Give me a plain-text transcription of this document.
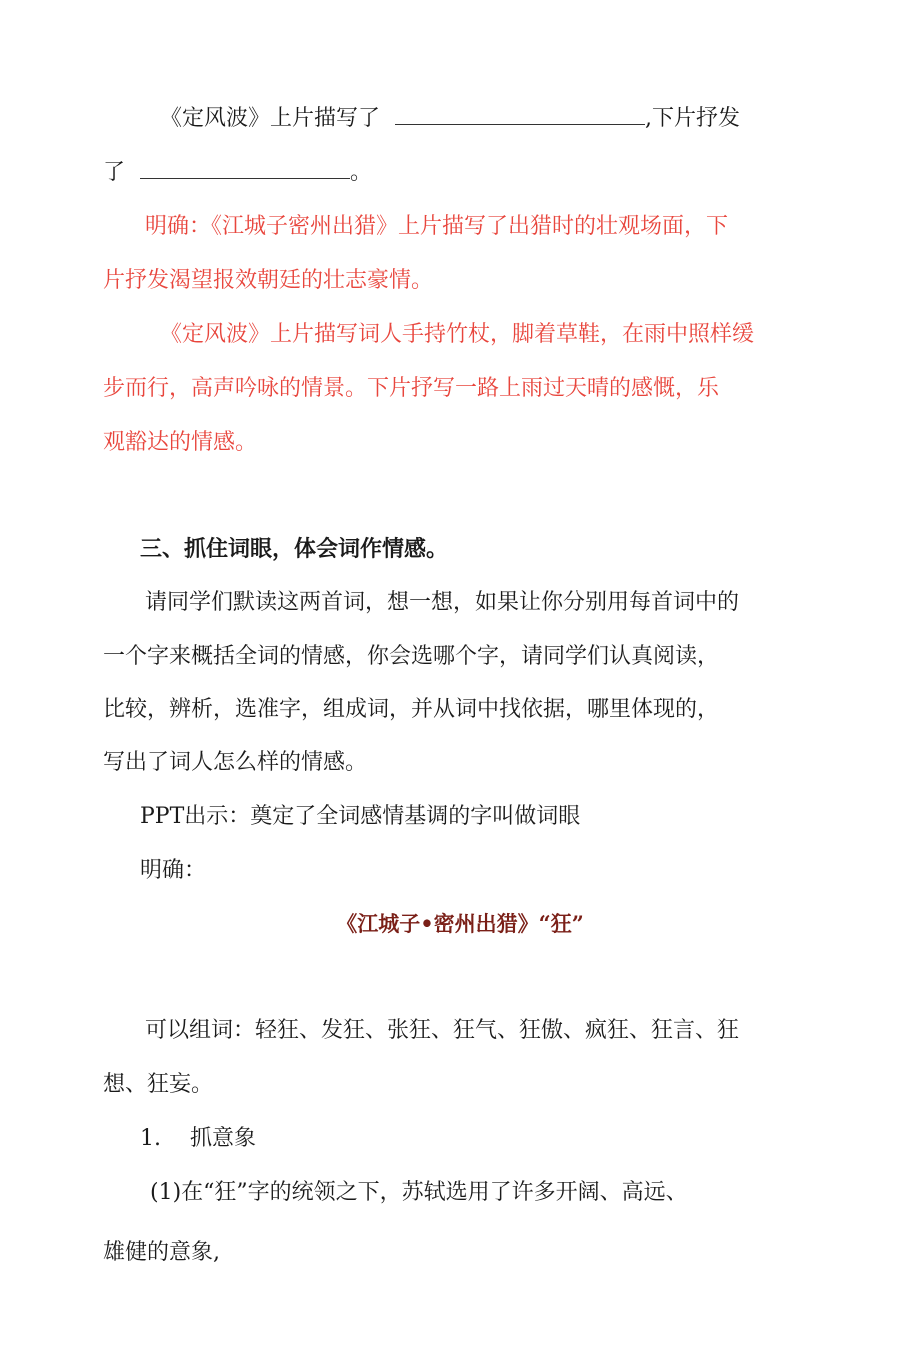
《定风波》上片描写了	,下片抒发
了	。
明确：《江城子密州出猎》上片描写了出猎时的壮观场面，下
片抒发渴望报效朝廷的壮志豪情。
《定风波》上片描写词人手持竹杖，脚着草鞋，在雨中照样缓
步而行，高声吟咏的情景。下片抒写一路上雨过天晴的感慨，乐
观豁达的情感。
三、抓住词眼，体会词作情感。
请同学们默读这两首词，想一想，如果让你分别用每首词中的
一个字来概括全词的情感，你会选哪个字，请同学们认真阅读，
比较，辨析，选准字，组成词，并从词中找依据，哪里体现的，
写出了词人怎么样的情感。
PPT出示：奠定了全词感情基调的字叫做词眼
明确：
《江城子•密州出猎》“狂”
可以组词：轻狂、发狂、张狂、狂气、狂傲、疯狂、狂言、狂
想、狂妄。
1.　 抓意象
(1)在“狂”字的统领之下，苏轼选用了许多开阔、高远、
雄健的意象,
